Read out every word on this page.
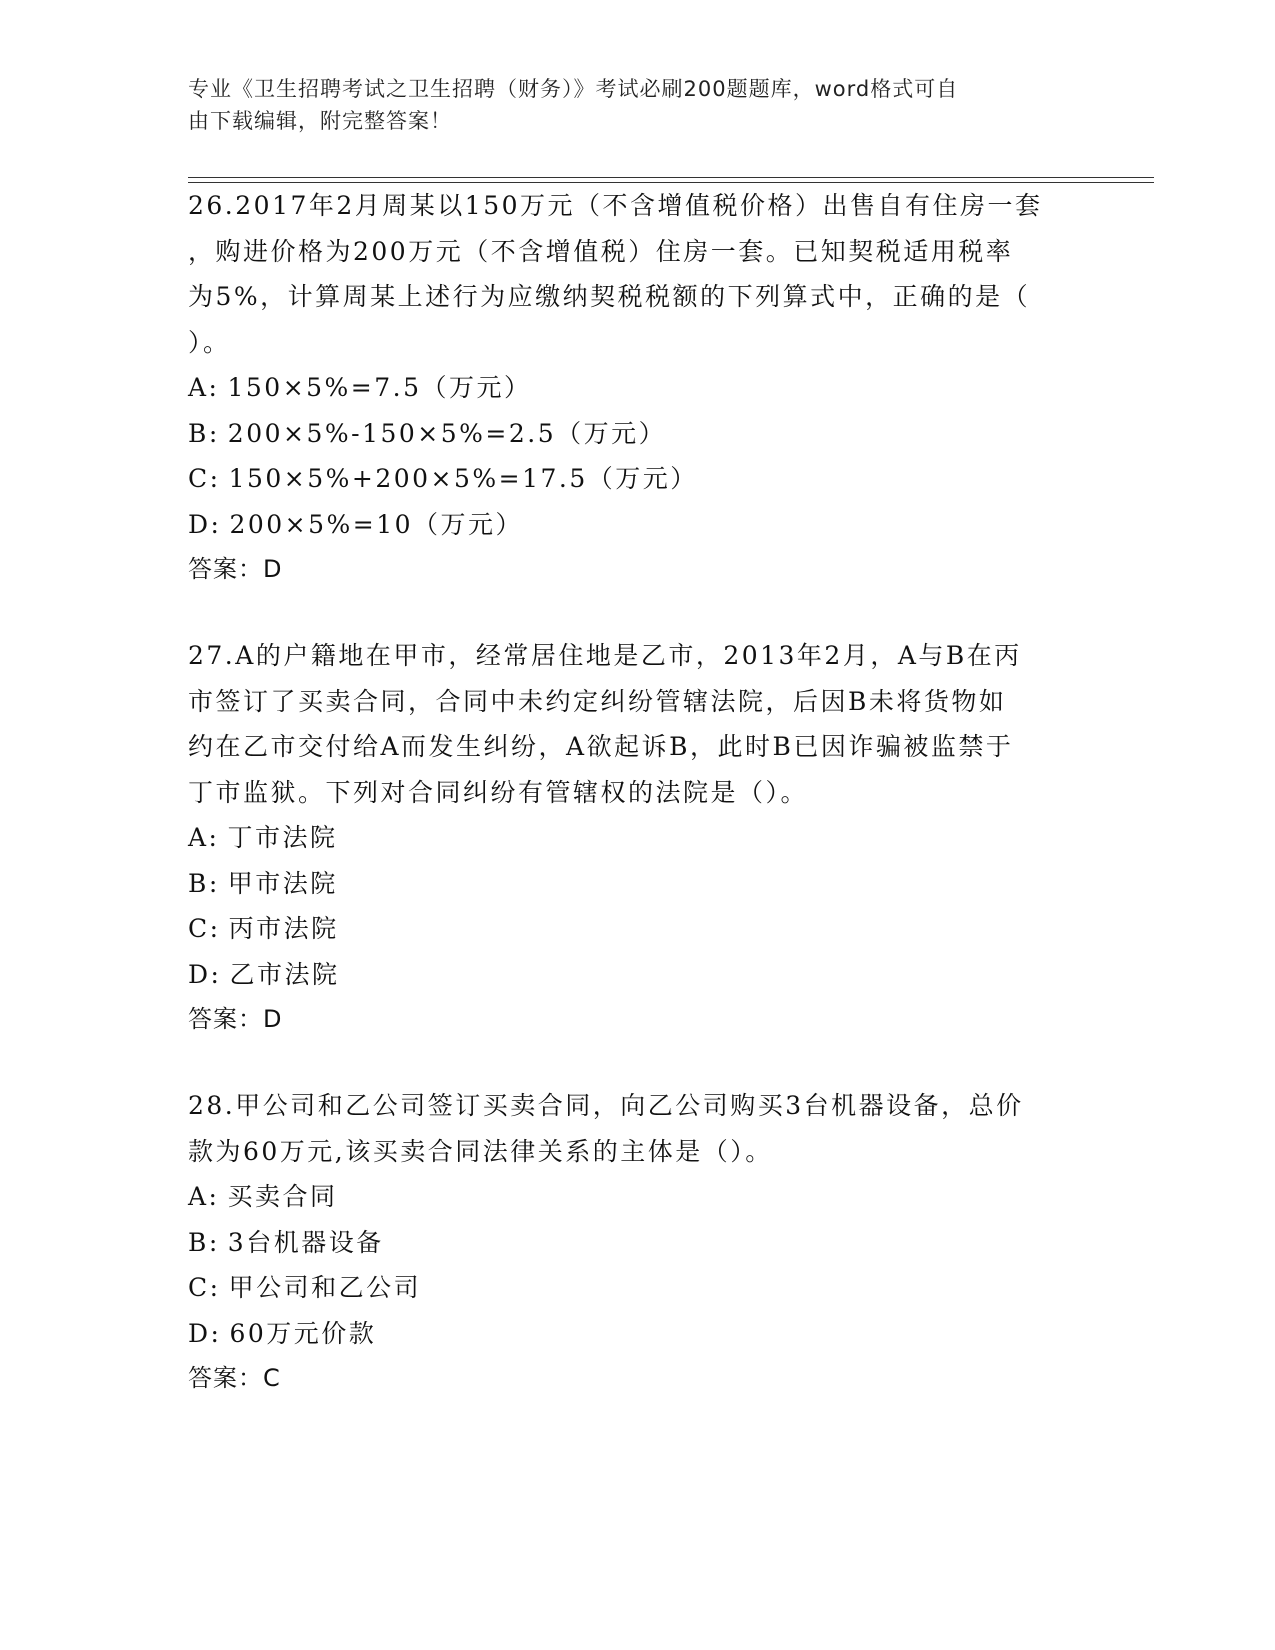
专业《卫生招聘考试之卫生招聘（财务）》考试必刷200题题库，word格式可自
由下载编辑，附完整答案！
26.2017年2月周某以150万元（不含增值税价格）出售自有住房一套
，购进价格为200万元（不含增值税）住房一套。已知契税适用税率
为5%，计算周某上述行为应缴纳契税税额的下列算式中，正确的是（
）。
A: 150×5%=7.5（万元）
B: 200×5%-150×5%=2.5（万元）
C: 150×5%+200×5%=17.5（万元）
D: 200×5%=10（万元）
答案：D
27.A的户籍地在甲市，经常居住地是乙市，2013年2月，A与B在丙
市签订了买卖合同，合同中未约定纠纷管辖法院，后因B未将货物如
约在乙市交付给A而发生纠纷，A欲起诉B，此时B已因诈骗被监禁于
丁市监狱。下列对合同纠纷有管辖权的法院是（）。
A: 丁市法院
B: 甲市法院
C: 丙市法院
D: 乙市法院
答案：D
28.甲公司和乙公司签订买卖合同，向乙公司购买3台机器设备，总价
款为60万元,该买卖合同法律关系的主体是（）。
A: 买卖合同
B: 3台机器设备
C: 甲公司和乙公司
D: 60万元价款
答案：C
